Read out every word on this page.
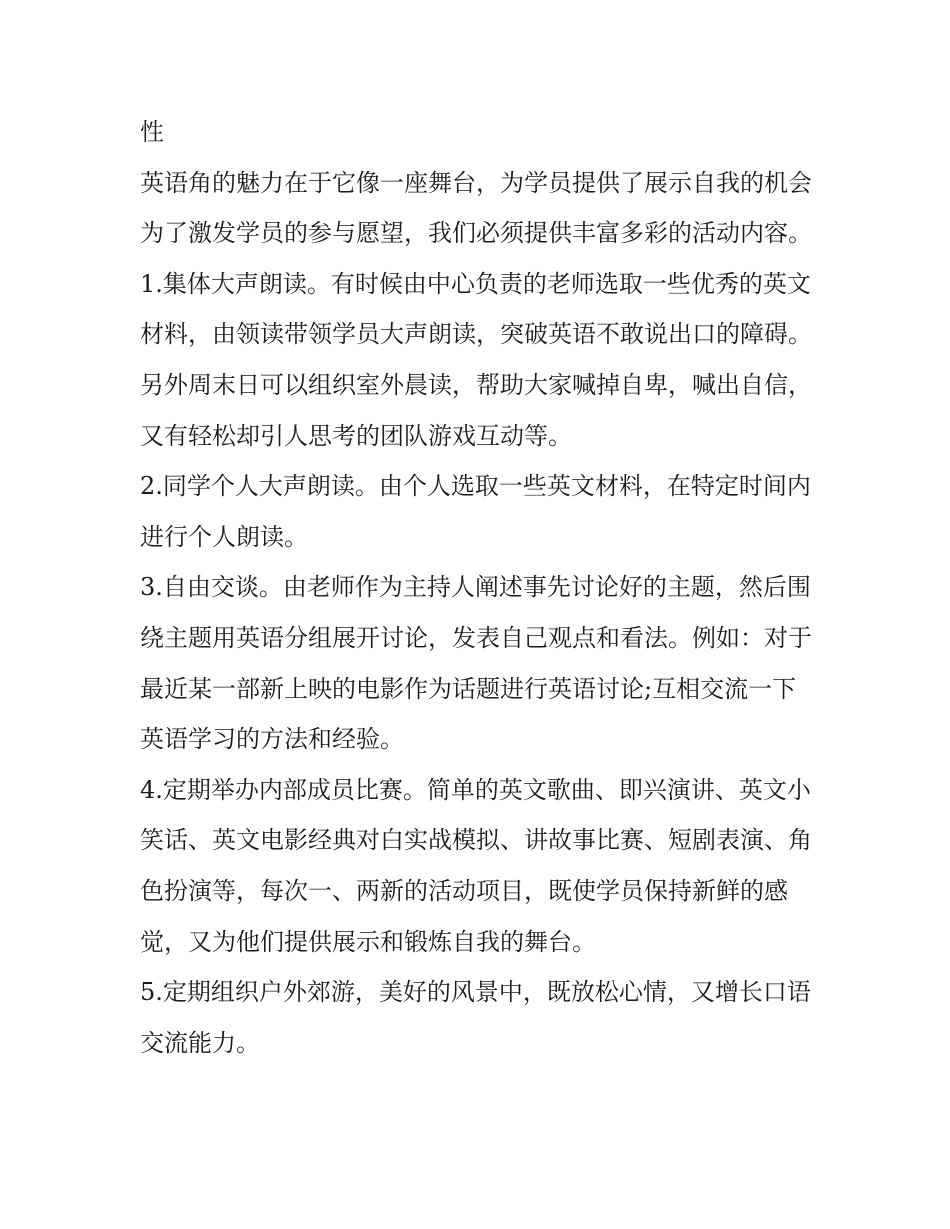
性

英语角的魅力在于它像一座舞台，为学员提供了展示自我的机会为了激发学员的参与愿望，我们必须提供丰富多彩的活动内容。

1.集体大声朗读。有时候由中心负责的老师选取一些优秀的英文材料，由领读带领学员大声朗读，突破英语不敢说出口的障碍。另外周末日可以组织室外晨读，帮助大家喊掉自卑，喊出自信，又有轻松却引人思考的团队游戏互动等。

2.同学个人大声朗读。由个人选取一些英文材料，在特定时间内进行个人朗读。

3.自由交谈。由老师作为主持人阐述事先讨论好的主题，然后围绕主题用英语分组展开讨论，发表自己观点和看法。例如：对于最近某一部新上映的电影作为话题进行英语讨论;互相交流一下英语学习的方法和经验。

4.定期举办内部成员比赛。简单的英文歌曲、即兴演讲、英文小笑话、英文电影经典对白实战模拟、讲故事比赛、短剧表演、角色扮演等，每次一、两新的活动项目，既使学员保持新鲜的感觉，又为他们提供展示和锻炼自我的舞台。

5.定期组织户外郊游，美好的风景中，既放松心情，又增长口语交流能力。
